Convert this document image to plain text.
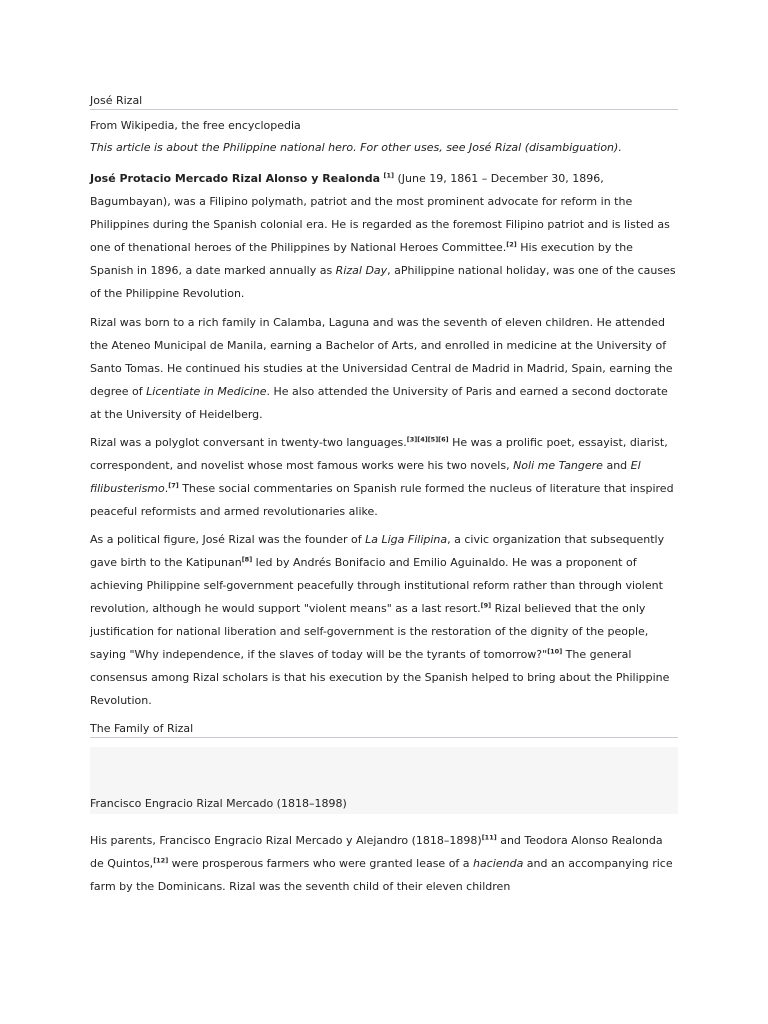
José Rizal
From Wikipedia, the free encyclopedia
This article is about the Philippine national hero. For other uses, see José Rizal (disambiguation).

José Protacio Mercado Rizal Alonso y Realonda [1] (June 19, 1861 – December 30, 1896, Bagumbayan), was a Filipino polymath, patriot and the most prominent advocate for reform in the Philippines during the Spanish colonial era. He is regarded as the foremost Filipino patriot and is listed as one of thenational heroes of the Philippines by National Heroes Committee.[2] His execution by the Spanish in 1896, a date marked annually as Rizal Day, aPhilippine national holiday, was one of the causes of the Philippine Revolution.

Rizal was born to a rich family in Calamba, Laguna and was the seventh of eleven children. He attended the Ateneo Municipal de Manila, earning a Bachelor of Arts, and enrolled in medicine at the University of Santo Tomas. He continued his studies at the Universidad Central de Madrid in Madrid, Spain, earning the degree of Licentiate in Medicine. He also attended the University of Paris and earned a second doctorate at the University of Heidelberg.

Rizal was a polyglot conversant in twenty-two languages.[3][4][5][6] He was a prolific poet, essayist, diarist, correspondent, and novelist whose most famous works were his two novels, Noli me Tangere and El filibusterismo.[7] These social commentaries on Spanish rule formed the nucleus of literature that inspired peaceful reformists and armed revolutionaries alike.

As a political figure, José Rizal was the founder of La Liga Filipina, a civic organization that subsequently gave birth to the Katipunan[8] led by Andrés Bonifacio and Emilio Aguinaldo. He was a proponent of achieving Philippine self-government peacefully through institutional reform rather than through violent revolution, although he would support "violent means" as a last resort.[9] Rizal believed that the only justification for national liberation and self-government is the restoration of the dignity of the people, saying "Why independence, if the slaves of today will be the tyrants of tomorrow?"[10] The general consensus among Rizal scholars is that his execution by the Spanish helped to bring about the Philippine Revolution.

The Family of Rizal
Francisco Engracio Rizal Mercado (1818–1898)

His parents, Francisco Engracio Rizal Mercado y Alejandro (1818–1898)[11] and Teodora Alonso Realonda de Quintos,[12] were prosperous farmers who were granted lease of a hacienda and an accompanying rice farm by the Dominicans. Rizal was the seventh child of their eleven children
